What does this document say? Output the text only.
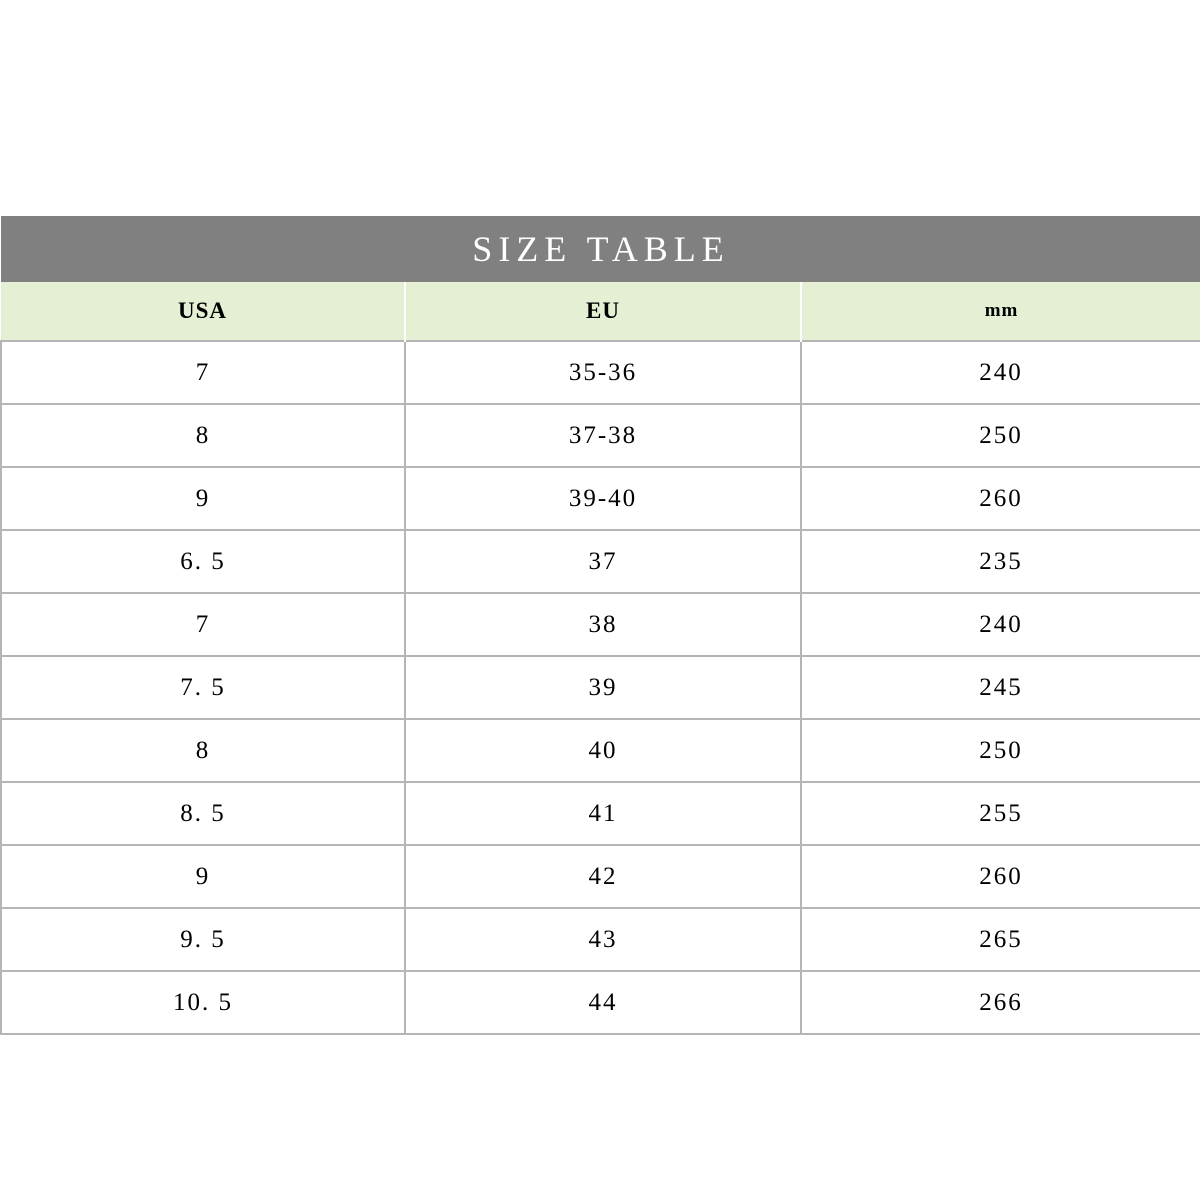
SIZE TABLE		
USA	EU	mm
7	35-36	240
8	37-38	250
9	39-40	260
6. 5	37	235
7	38	240
7. 5	39	245
8	40	250
8. 5	41	255
9	42	260
9. 5	43	265
10. 5	44	266
